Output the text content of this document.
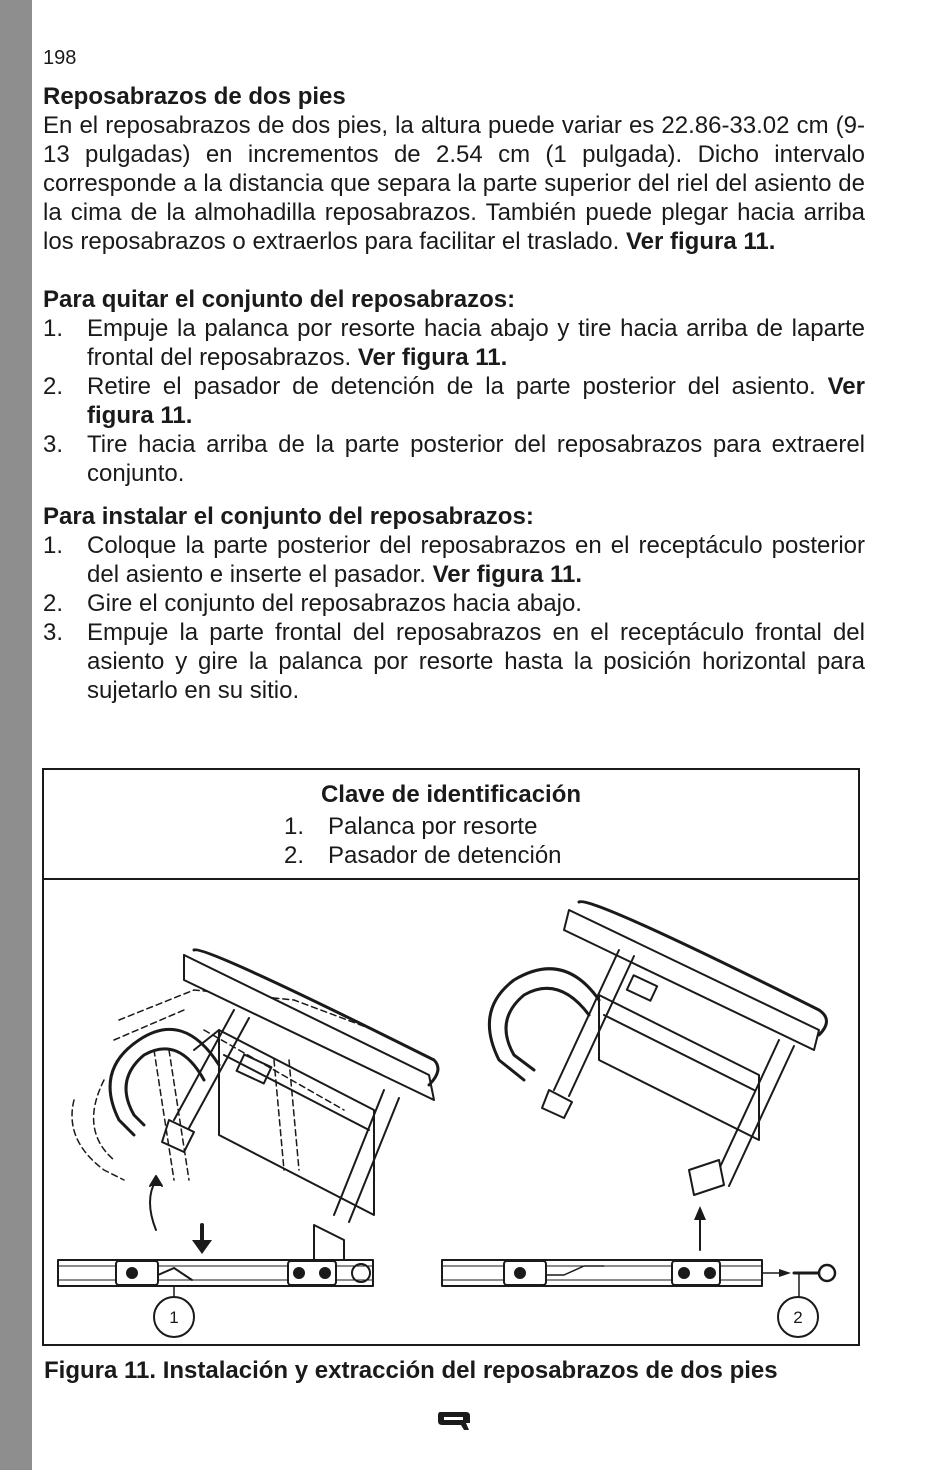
198
Reposabrazos de dos pies

En el reposabrazos de dos pies, la altura puede variar es 22.86-33.02 cm (9-13 pulgadas) en incrementos de 2.54 cm (1 pulgada). Dicho intervalo corresponde a la distancia que separa la parte superior del riel del asiento de la cima de la almohadilla reposabrazos. También puede plegar hacia arriba los reposabrazos o extraerlos para facilitar el traslado. Ver figura 11.

Para quitar el conjunto del reposabrazos:
1. Empuje la palanca por resorte hacia abajo y tire hacia arriba de laparte frontal del reposabrazos. Ver figura 11.
2. Retire el pasador de detención de la parte posterior del asiento. Ver figura 11.
3. Tire hacia arriba de la parte posterior del reposabrazos para extraerel conjunto.
Para instalar el conjunto del reposabrazos:
1. Coloque la parte posterior del reposabrazos en el receptáculo posterior del asiento e inserte el pasador. Ver figura 11.
2. Gire el conjunto del reposabrazos hacia abajo.
3. Empuje la parte frontal del reposabrazos en el receptáculo frontal del asiento y gire la palanca por resorte hasta la posición horizontal para sujetarlo en su sitio.
Clave de identificación
1. Palanca por resorte
2. Pasador de detención
1	2
Figura 11. Instalación y extracción del reposabrazos de dos pies
